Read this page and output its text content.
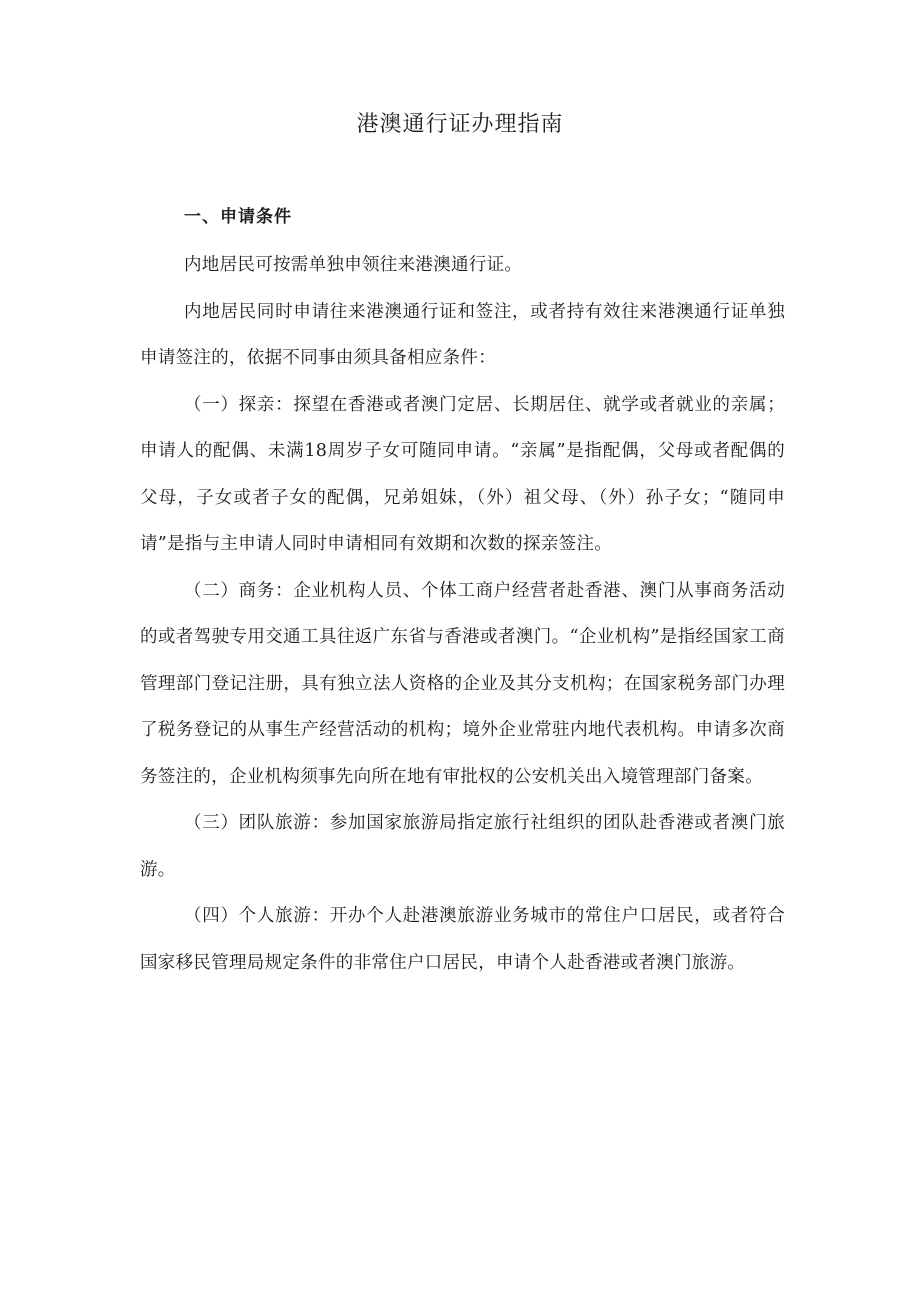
港澳通行证办理指南
一、申请条件

内地居民可按需单独申领往来港澳通行证。

内地居民同时申请往来港澳通行证和签注，或者持有效往来港澳通行证单独申请签注的，依据不同事由须具备相应条件：

（一）探亲：探望在香港或者澳门定居、长期居住、就学或者就业的亲属；申请人的配偶、未满18周岁子女可随同申请。“亲属”是指配偶，父母或者配偶的父母，子女或者子女的配偶，兄弟姐妹，（外）祖父母、（外）孙子女；“随同申请”是指与主申请人同时申请相同有效期和次数的探亲签注。

（二）商务：企业机构人员、个体工商户经营者赴香港、澳门从事商务活动的或者驾驶专用交通工具往返广东省与香港或者澳门。“企业机构”是指经国家工商管理部门登记注册，具有独立法人资格的企业及其分支机构；在国家税务部门办理了税务登记的从事生产经营活动的机构；境外企业常驻内地代表机构。申请多次商务签注的，企业机构须事先向所在地有审批权的公安机关出入境管理部门备案。

（三）团队旅游：参加国家旅游局指定旅行社组织的团队赴香港或者澳门旅游。

（四）个人旅游：开办个人赴港澳旅游业务城市的常住户口居民，或者符合国家移民管理局规定条件的非常住户口居民，申请个人赴香港或者澳门旅游。
